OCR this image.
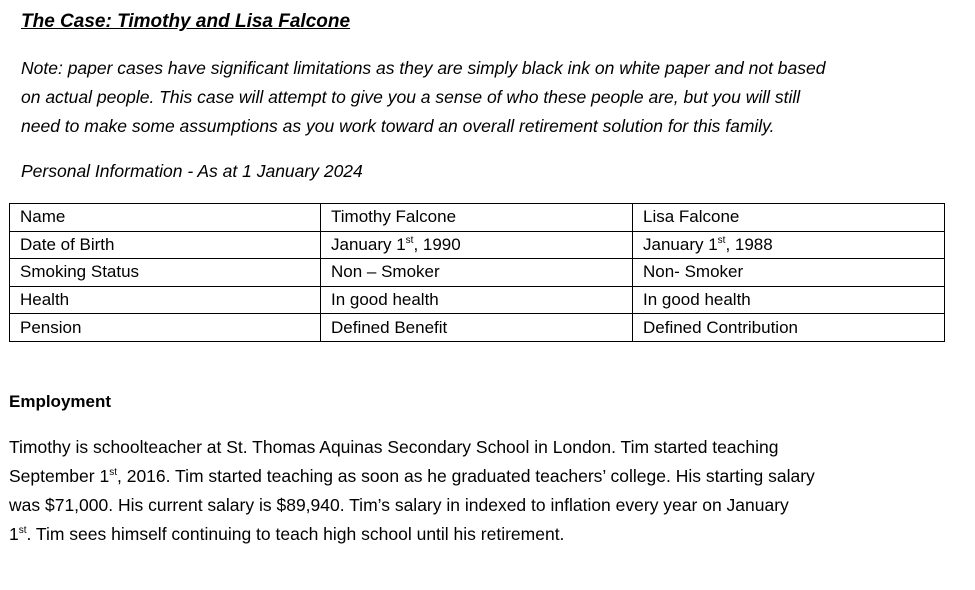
The Case: Timothy and Lisa Falcone
Note: paper cases have significant limitations as they are simply black ink on white paper and not based
on actual people. This case will attempt to give you a sense of who these people are, but you will still
need to make some assumptions as you work toward an overall retirement solution for this family.
Personal Information - As at 1 January 2024
Name	Timothy Falcone	Lisa Falcone
Date of Birth	January 1st, 1990	January 1st, 1988
Smoking Status	Non – Smoker	Non- Smoker
Health	In good health	In good health
Pension	Defined Benefit	Defined Contribution
Employment
Timothy is schoolteacher at St. Thomas Aquinas Secondary School in London. Tim started teaching
September 1st, 2016. Tim started teaching as soon as he graduated teachers’ college. His starting salary
was $71,000. His current salary is $89,940. Tim’s salary in indexed to inflation every year on January
1st. Tim sees himself continuing to teach high school until his retirement.
